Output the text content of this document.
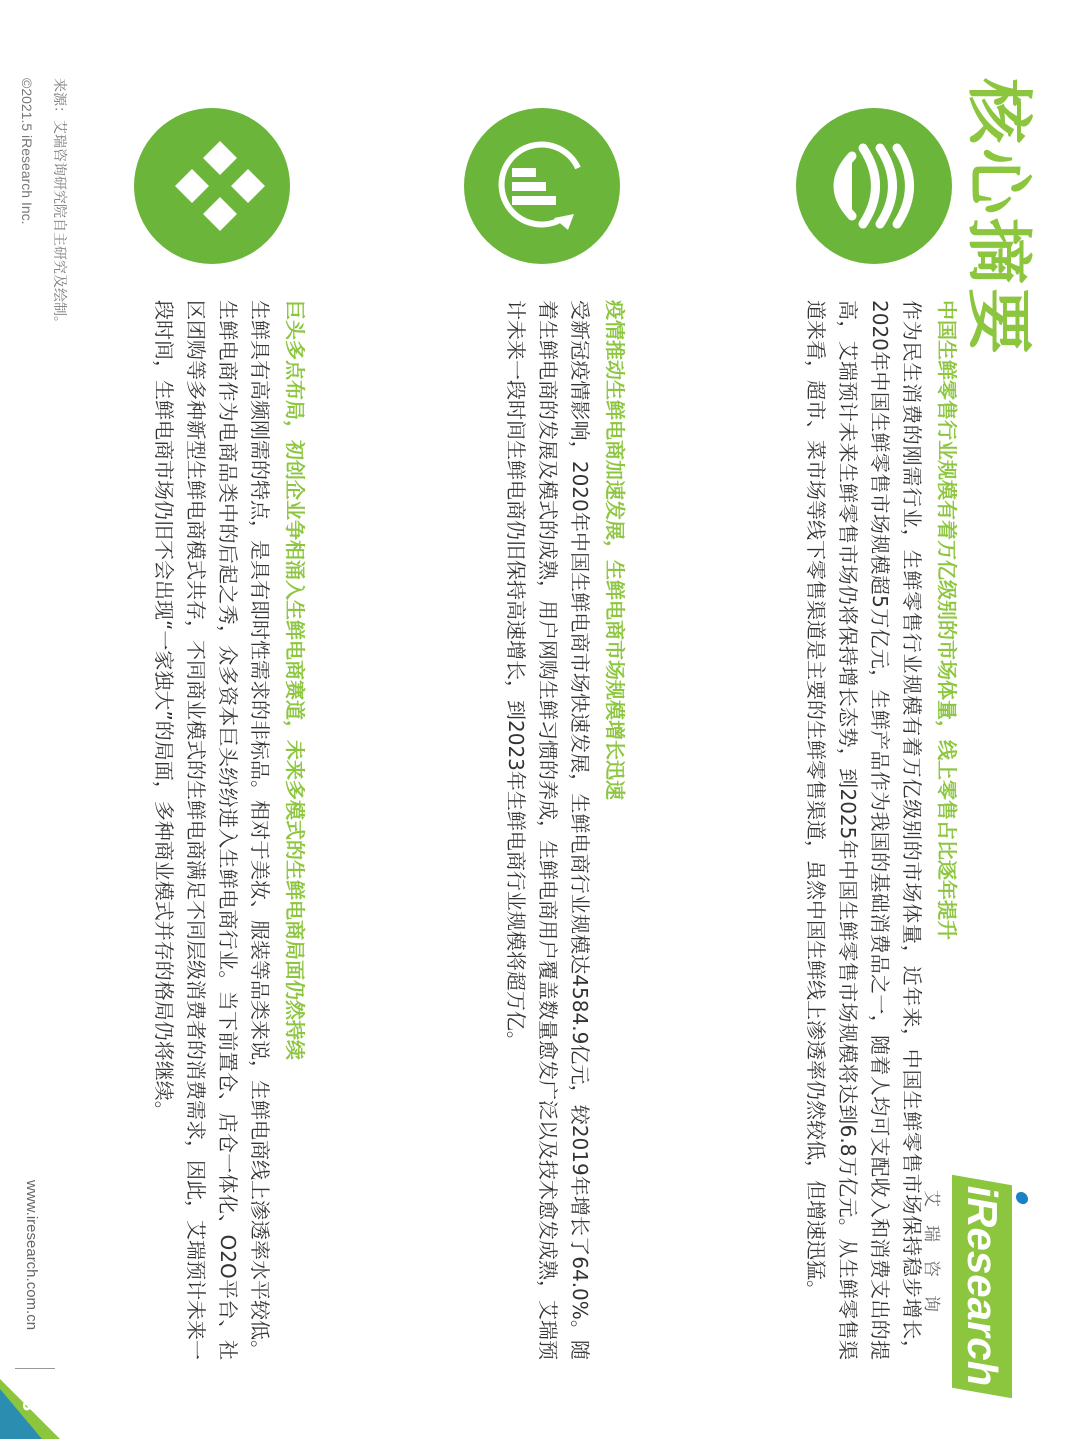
核心摘要
iResearch
艾瑞咨询
中国生鲜零售行业规模有着万亿级别的市场体量，线上零售占比逐年提升
作为民生消费的刚需行业，生鲜零售行业规模有着万亿级别的市场体量，近年来，中国生鲜零售市场保持稳步增长，2020年中国生鲜零售市场规模超5万亿元，生鲜产品作为我国的基础消费品之一，随着人均可支配收入和消费支出的提高，艾瑞预计未来生鲜零售市场仍将保持增长态势，到2025年中国生鲜零售市场规模将达到6.8万亿元。从生鲜零售渠道来看，超市、菜市场等线下零售渠道是主要的生鲜零售渠道，虽然中国生鲜线上渗透率仍然较低，但增速迅猛。
疫情推动生鲜电商加速发展，生鲜电商市场规模增长迅速
受新冠疫情影响，2020年中国生鲜电商市场快速发展，生鲜电商行业规模达4584.9亿元，较2019年增长了64.0%。随着生鲜电商的发展及模式的成熟，用户网购生鲜习惯的养成，生鲜电商用户覆盖数量愈发广泛以及技术愈发成熟，艾瑞预计未来一段时间生鲜电商仍旧保持高速增长，到2023年生鲜电商行业规模将超万亿。
巨头多点布局，初创企业争相涌入生鲜电商赛道，未来多模式的生鲜电商局面仍然持续
生鲜具有高频刚需的特点，是具有即时性需求的非标品。相对于美妆、服装等品类来说，生鲜电商线上渗透率水平较低。生鲜电商作为电商品类中的后起之秀，众多资本巨头纷纷进入生鲜电商行业。当下前置仓、店仓一体化、O2O平台、社区团购等多种新型生鲜电商模式共存，不同商业模式的生鲜电商满足不同层级消费者的消费需求，因此，艾瑞预计未来一段时间，生鲜电商市场仍旧不会出现“一家独大”的局面，多种商业模式并存的格局仍将继续。
来源：艾瑞咨询研究院自主研究及绘制。
©2021.5 iResearch Inc.
www.iresearch.com.cn
3
